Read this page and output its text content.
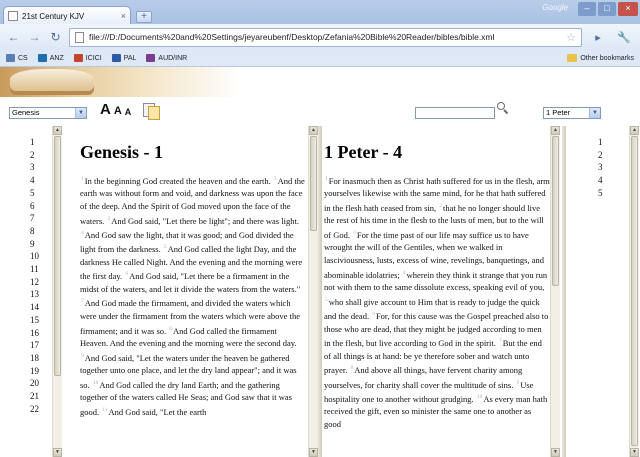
21st Century KJV	×	+
Google	–	□	×
← → ↻	file:///D:/Documents%20and%20Settings/jeyareubenf/Desktop/Zefania%20Bible%20Reader/bibles/bible.xml	☆	▸	🔧
CS	ANZ	ICICI	PAL	AUD/INR	Other bookmarks
Genesis	▼ A A A	1 Peter	▼
1
2
3
4
5
6
7
8
9
10
11
12
13
14
15
16
17
18
19
20
21
22
▲
▼
Genesis - 1

$^1$In the beginning God created the heaven and the earth. $^2$And the earth was without form and void, and darkness was upon the face of the deep. And the Spirit of God moved upon the face of the waters. $^3$And God said, "Let there be light"; and there was light. $^4$And God saw the light, that it was good; and God divided the light from the darkness. $^5$And God called the light Day, and the darkness He called Night. And the evening and the morning were the first day. $^6$And God said, "Let there be a firmament in the midst of the waters, and let it divide the waters from the waters." $^7$And God made the firmament, and divided the waters which were under the firmament from the waters which were above the firmament; and it was so. $^8$And God called the firmament Heaven. And the evening and the morning were the second day. $^9$And God said, "Let the waters under the heaven be gathered together unto one place, and let the dry land appear"; and it was so. $^{10}$And God called the dry land Earth; and the gathering together of the waters called He Seas; and God saw that it was good. $^{11}$And God said, "Let the earth

▲
▼
1 Peter - 4

$^1$For inasmuch then as Christ hath suffered for us in the flesh, arm yourselves likewise with the same mind, for he that hath suffered in the flesh hath ceased from sin, $^2$that he no longer should live the rest of his time in the flesh to the lusts of men, but to the will of God. $^3$For the time past of our life may suffice us to have wrought the will of the Gentiles, when we walked in lasciviousness, lusts, excess of wine, revelings, banquetings, and abominable idolatries; $^4$wherein they think it strange that you run not with them to the same dissolute excess, speaking evil of you, $^5$who shall give account to Him that is ready to judge the quick and the dead. $^6$For, for this cause was the Gospel preached also to those who are dead, that they might be judged according to men in the flesh, but live according to God in the spirit. $^7$But the end of all things is at hand: be ye therefore sober and watch unto prayer. $^8$And above all things, have fervent charity among yourselves, for charity shall cover the multitude of sins. $^9$Use hospitality one to another without grudging. $^{10}$As every man hath received the gift, even so minister the same one to another as good

▲
▼
1
2
3
4
5
▲
▼
